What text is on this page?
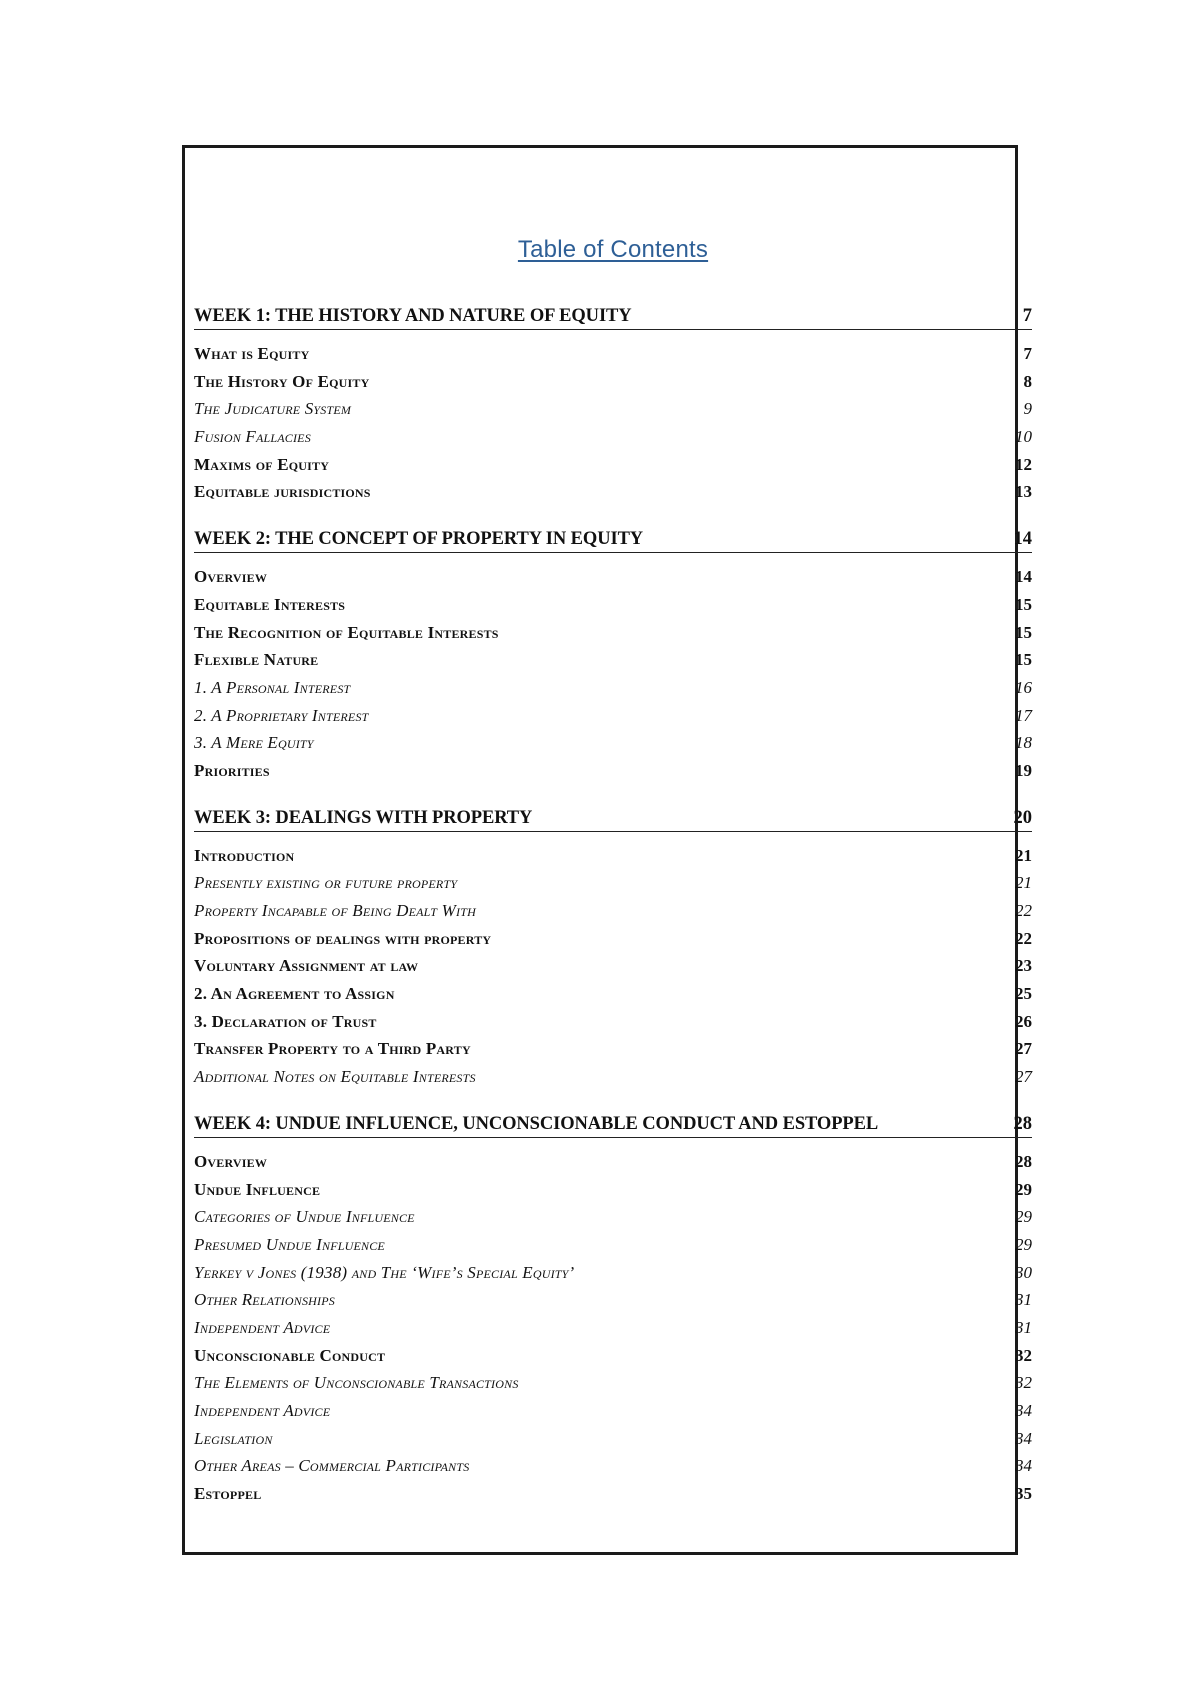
Table of Contents
WEEK 1: THE HISTORY AND NATURE OF EQUITY	7
What is Equity	7
The History Of Equity	8
The Judicature System	9
Fusion Fallacies	10
Maxims of Equity	12
Equitable jurisdictions	13
WEEK 2: THE CONCEPT OF PROPERTY IN EQUITY	14
Overview	14
Equitable Interests	15
The Recognition of Equitable Interests	15
Flexible Nature	15
1. A Personal Interest	16
2. A Proprietary Interest	17
3. A Mere Equity	18
Priorities	19
WEEK 3: DEALINGS WITH PROPERTY	20
Introduction	21
Presently existing or future property	21
Property Incapable of Being Dealt With	22
Propositions of dealings with property	22
Voluntary Assignment at law	23
2. An Agreement to Assign	25
3. Declaration of Trust	26
Transfer Property to a Third Party	27
Additional Notes on Equitable Interests	27
WEEK 4: UNDUE INFLUENCE, UNCONSCIONABLE CONDUCT AND ESTOPPEL	28
Overview	28
Undue Influence	29
Categories of Undue Influence	29
Presumed Undue Influence	29
Yerkey v Jones (1938) and The ‘Wife’s Special Equity’	30
Other Relationships	31
Independent Advice	31
Unconscionable Conduct	32
The Elements of Unconscionable Transactions	32
Independent Advice	34
Legislation	34
Other Areas – Commercial Participants	34
Estoppel	35
